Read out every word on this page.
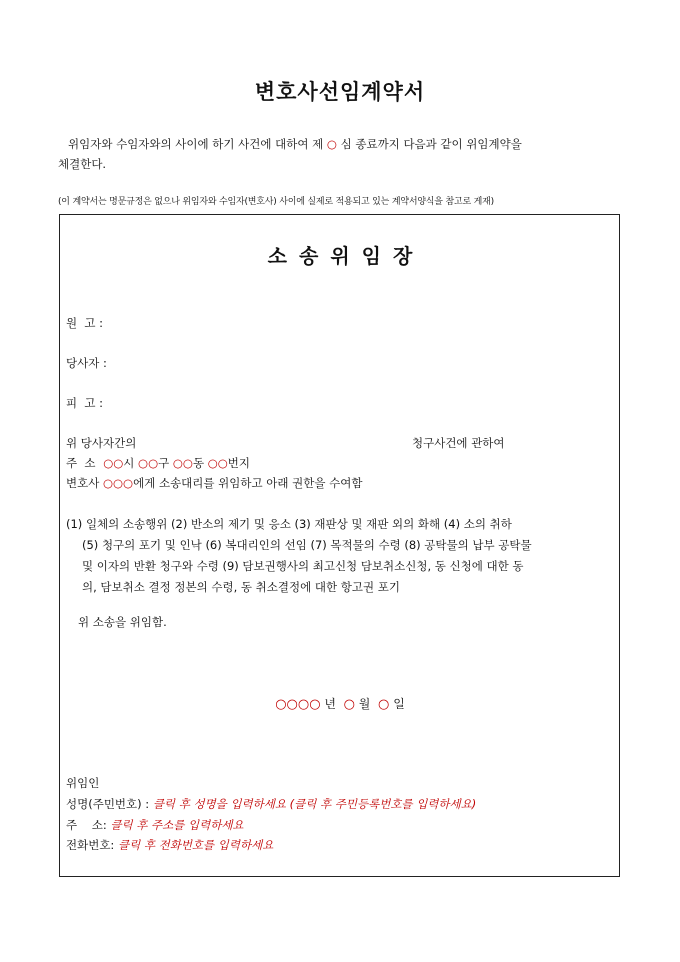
변호사선임계약서
위임자와 수임자와의 사이에 하기 사건에 대하여 제 ○ 심 종료까지 다음과 같이 위임계약을
체결한다.
(이 계약서는 명문규정은 없으나 위임자와 수임자(변호사) 사이에 실제로 적용되고 있는 계약서양식을 참고로 게재)
소 송 위 임 장
원  고 :
당사자 :
피  고 :
위 당사자간의	청구사건에 관하여
주  소 ○○시 ○○구 ○○동 ○○번지
변호사 ○○○에게 소송대리를 위임하고 아래 권한을 수여함
(1) 일체의 소송행위 (2) 반소의 제기 및 응소 (3) 재판상 및 재판 외의 화해 (4) 소의 취하
(5) 청구의 포기 및 인낙 (6) 복대리인의 선임 (7) 목적물의 수령 (8) 공탁물의 납부 공탁물
및 이자의 반환 청구와 수령 (9) 담보권행사의 최고신청 담보취소신청, 동 신청에 대한 동
의, 담보취소 결정 정본의 수령, 동 취소결정에 대한 항고권 포기
위 소송을 위임함.
○○○○ 년 ○ 월 ○ 일
위임인
성명(주민번호) : 클릭 후 성명을 입력하세요 (클릭 후 주민등록번호를 입력하세요)
주    소: 클릭 후 주소를 입력하세요
전화번호: 클릭 후 전화번호를 입력하세요
